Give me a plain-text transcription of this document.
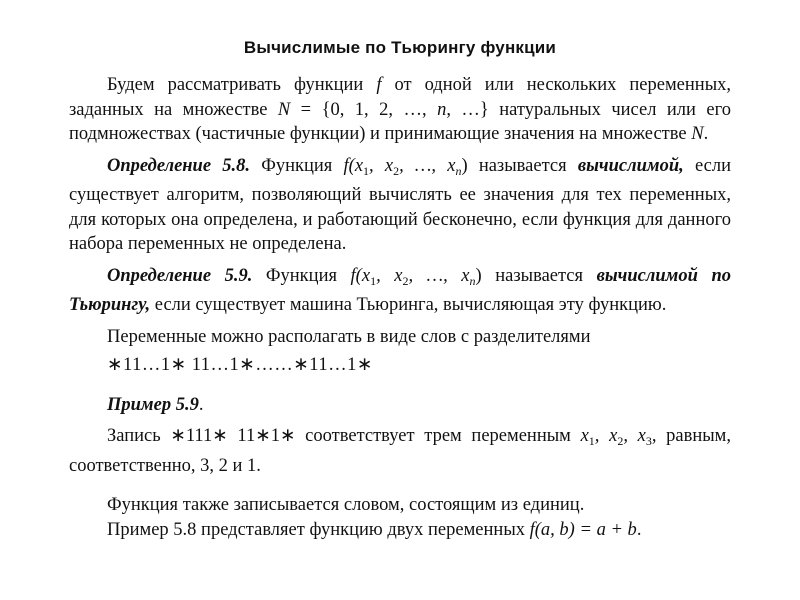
Вычислимые по Тьюрингу функции

Будем рассматривать функции f от одной или нескольких переменных, заданных на множестве N = {0, 1, 2, …, n, …} натуральных чисел или его подмножествах (частичные функции) и принимающие значения на множестве N.

Определение 5.8. Функция $f(x_1$, $x_2$, …, $x_n$) называется вычислимой, если существует алгоритм, позволяющий вычислять ее значения для тех переменных, для которых она определена, и работающий бесконечно, если функция для данного набора переменных не определена.

Определение 5.9. Функция $f(x_1$, $x_2$, …, $x_n$) называется вычислимой по Тьюрингу, если существует машина Тьюринга, вычисляющая эту функцию.

Переменные можно располагать в виде слов с разделителями

∗11…1∗ 11…1∗……∗11…1∗

Пример 5.9.

Запись ∗111∗ 11∗1∗ соответствует трем переменным $x_1$, $x_2$, $x_3$, равным, соответственно, 3, 2 и 1.

Функция также записывается словом, состоящим из единиц.

Пример 5.8 представляет функцию двух переменных f(a, b) = a + b.
